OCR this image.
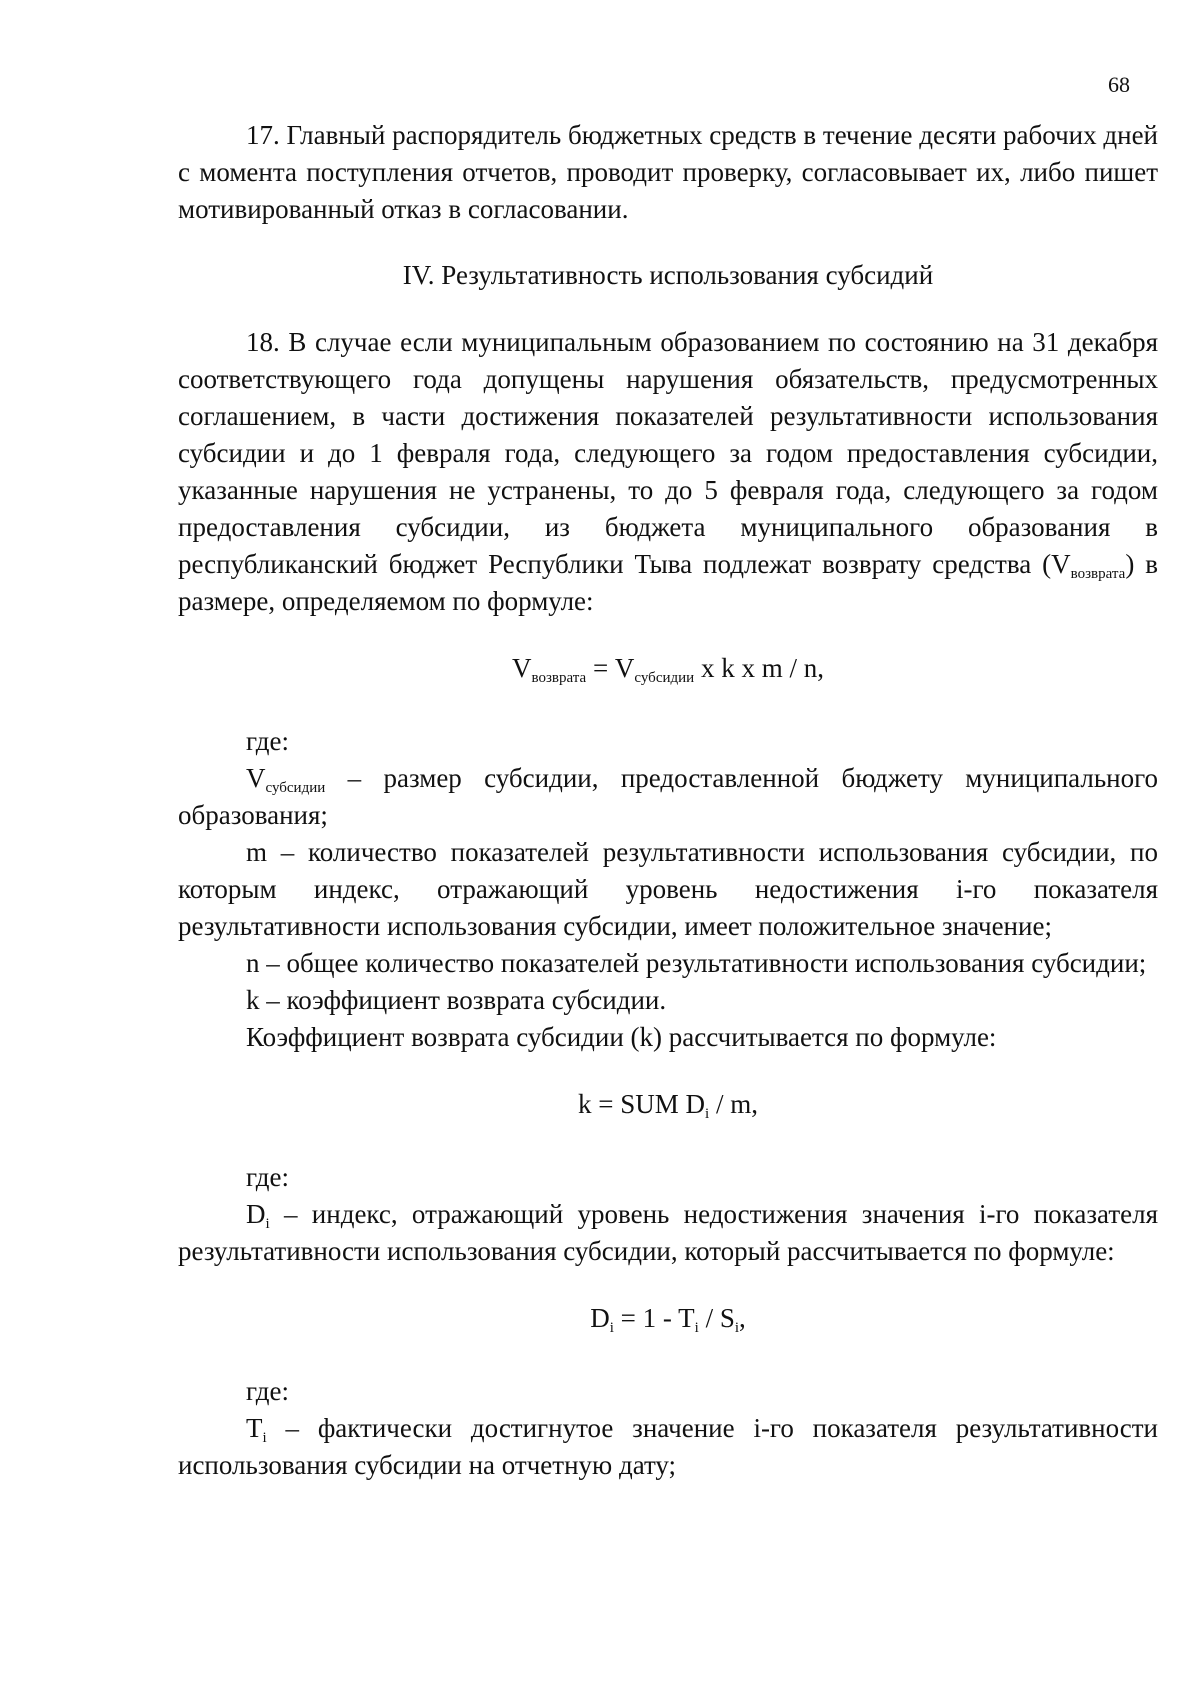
68

17. Главный распорядитель бюджетных средств в течение десяти рабочих дней с момента поступления отчетов, проводит проверку, согласовывает их, либо пишет мотивированный отказ в согласовании.

IV. Результативность использования субсидий

18. В случае если муниципальным образованием по состоянию на 31 декабря соответствующего года допущены нарушения обязательств, предусмотренных соглашением, в части достижения показателей результативности использования субсидии и до 1 февраля года, следующего за годом предоставления субсидии, указанные нарушения не устранены, то до 5 февраля года, следующего за годом предоставления субсидии, из бюджета муниципального образования в республиканский бюджет Республики Тыва подлежат возврату средства $(V_{возврата})$ в размере, определяемом по формуле:

$V_{возврата} = V_{субсидии}$ x k x m / n,

где:

$V_{субсидии}$ – размер субсидии, предоставленной бюджету муниципального образования;

m – количество показателей результативности использования субсидии, по которым индекс, отражающий уровень недостижения i-го показателя результативности использования субсидии, имеет положительное значение;

n – общее количество показателей результативности использования субсидии;

k – коэффициент возврата субсидии.

Коэффициент возврата субсидии (k) рассчитывается по формуле:

k = SUM $D_i$ / m,

где:

$D_i$ – индекс, отражающий уровень недостижения значения i-го показателя результативности использования субсидии, который рассчитывается по формуле:

$D_i = 1 - T_i / S_i$,

где:

$T_i$ – фактически достигнутое значение i-го показателя результативности использования субсидии на отчетную дату;
